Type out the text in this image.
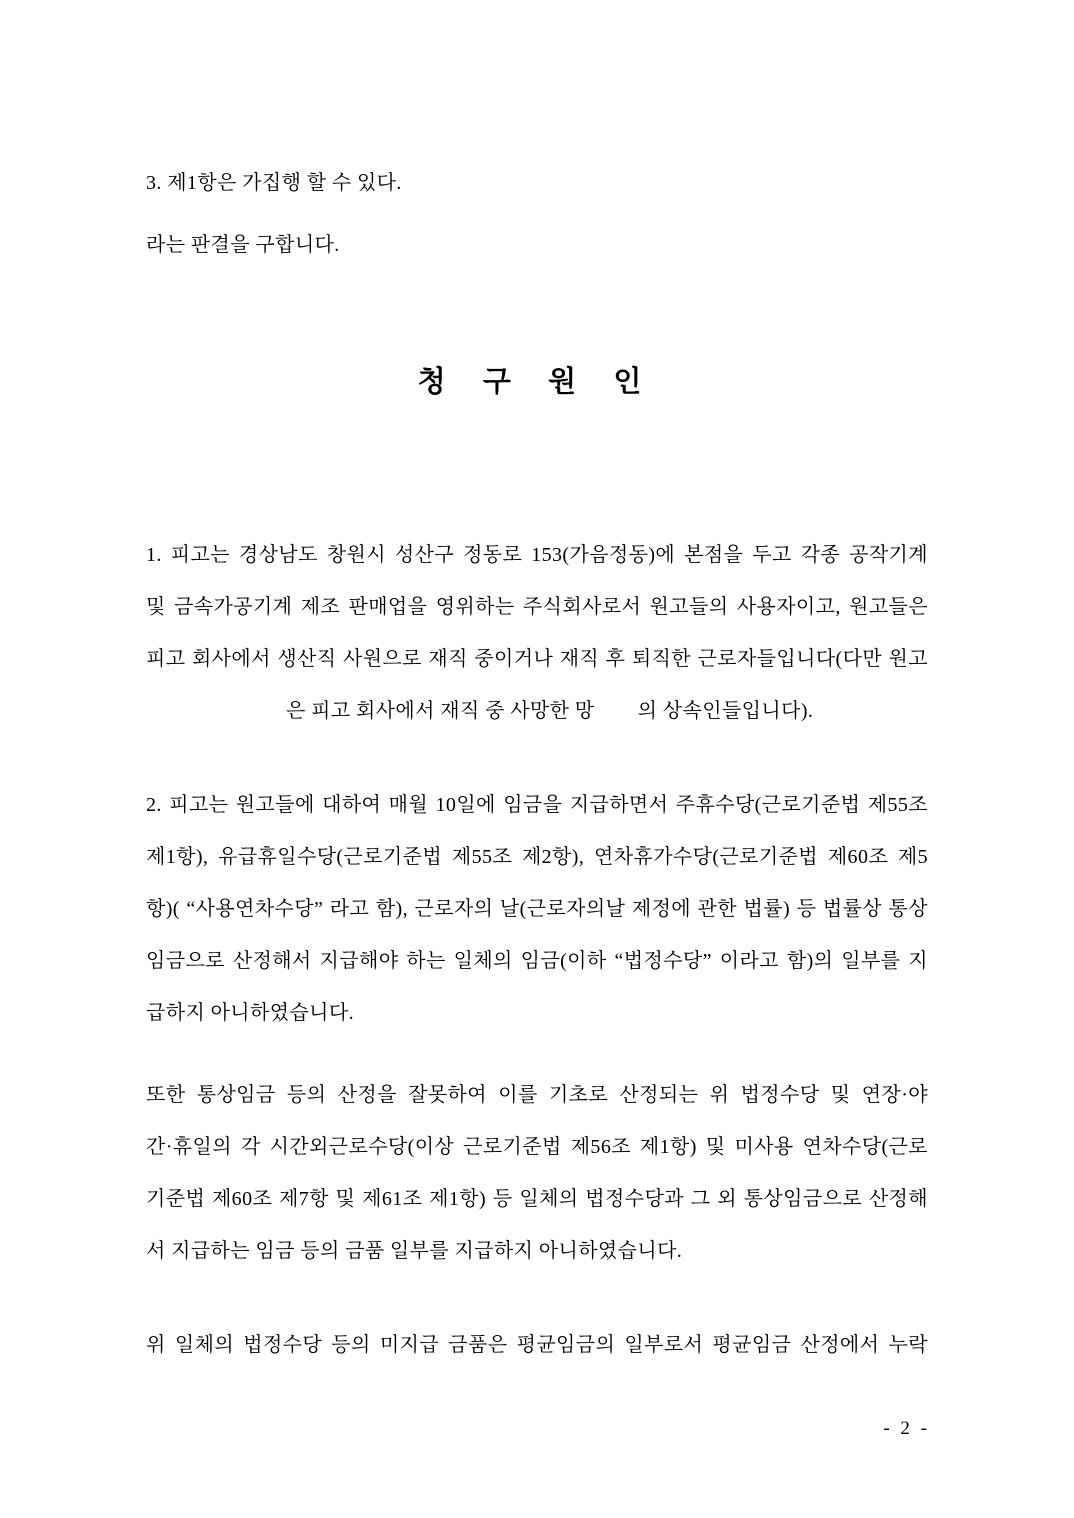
3. 제1항은 가집행 할 수 있다.
라는 판결을 구합니다.
청 구 원 인
1. 피고는 경상남도 창원시 성산구 정동로 153(가음정동)에 본점을 두고 각종 공작기계
및 금속가공기계 제조 판매업을 영위하는 주식회사로서 원고들의 사용자이고, 원고들은
피고 회사에서 생산직 사원으로 재직 중이거나 재직 후 퇴직한 근로자들입니다(다만 원고
은 피고 회사에서 재직 중 사망한 망        의 상속인들입니다).
2. 피고는 원고들에 대하여 매월 10일에 임금을 지급하면서 주휴수당(근로기준법 제55조
제1항), 유급휴일수당(근로기준법 제55조 제2항), 연차휴가수당(근로기준법 제60조 제5
항)( “사용연차수당” 라고 함), 근로자의 날(근로자의날 제정에 관한 법률) 등 법률상 통상
임금으로 산정해서 지급해야 하는 일체의 임금(이하 “법정수당” 이라고 함)의 일부를 지
급하지 아니하였습니다.
또한 통상임금 등의 산정을 잘못하여 이를 기초로 산정되는 위 법정수당 및 연장·야
간·휴일의 각 시간외근로수당(이상 근로기준법 제56조 제1항) 및 미사용 연차수당(근로
기준법 제60조 제7항 및 제61조 제1항) 등 일체의 법정수당과 그 외 통상임금으로 산정해
서 지급하는 임금 등의 금품 일부를 지급하지 아니하였습니다.
위 일체의 법정수당 등의 미지급 금품은 평균임금의 일부로서 평균임금 산정에서 누락
- 2 -
